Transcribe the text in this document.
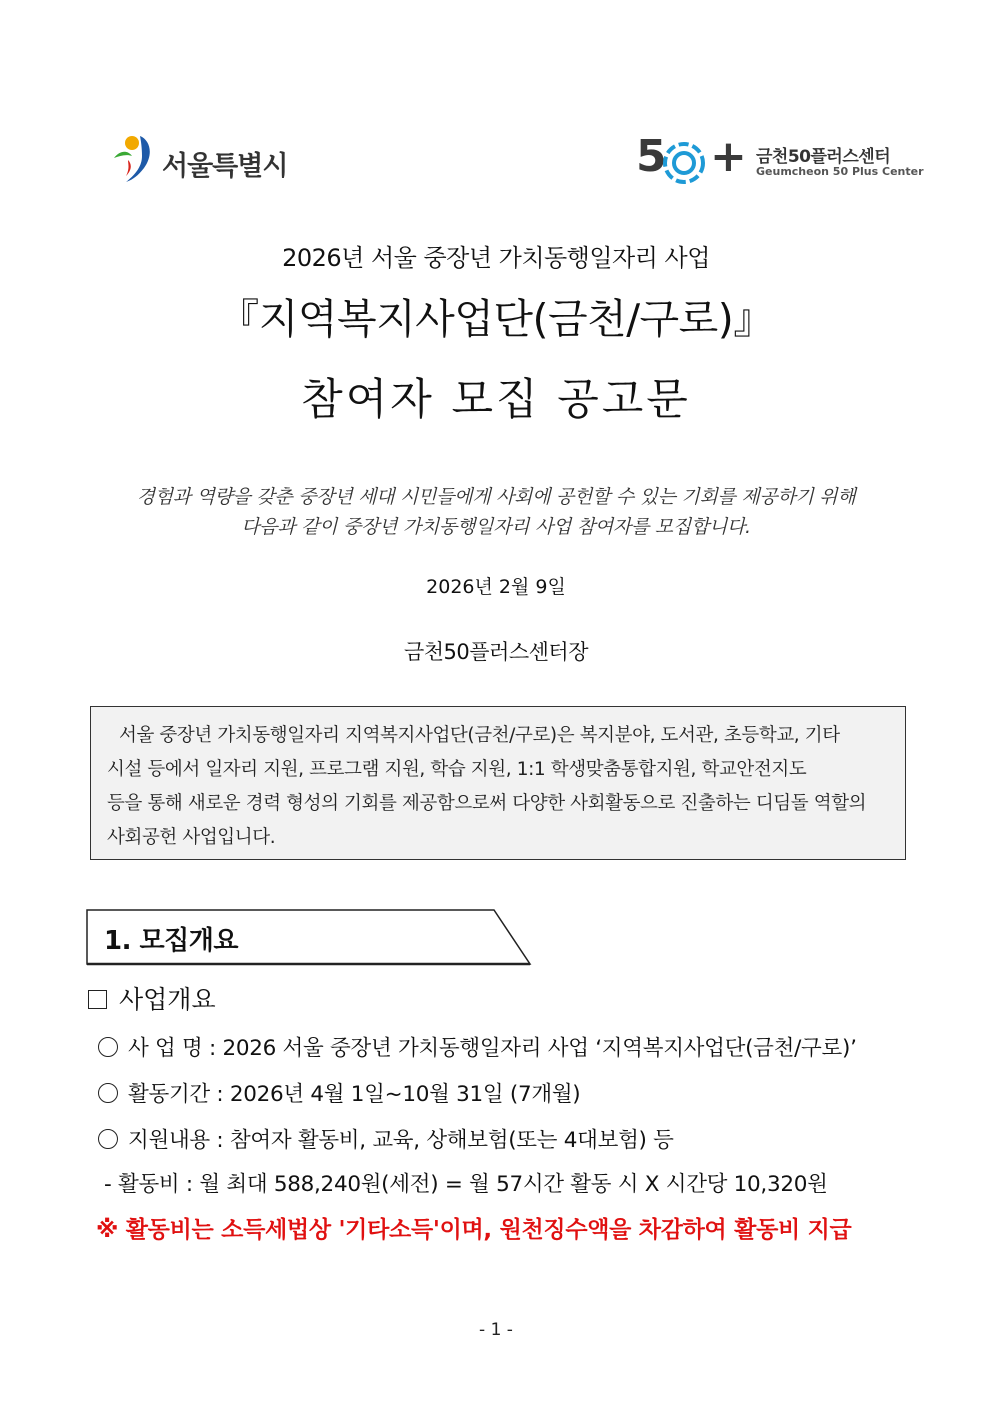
서울특별시	5 + 금천50플러스센터
Geumcheon 50 Plus Center
2026년 서울 중장년 가치동행일자리 사업
『지역복지사업단(금천/구로)』
참여자 모집 공고문
경험과 역량을 갖춘 중장년 세대 시민들에게 사회에 공헌할 수 있는 기회를 제공하기 위해
다음과 같이 중장년 가치동행일자리 사업 참여자를 모집합니다.
2026년 2월 9일
금천50플러스센터장
서울 중장년 가치동행일자리 지역복지사업단(금천/구로)은 복지분야, 도서관, 초등학교, 기타
시설 등에서 일자리 지원, 프로그램 지원, 학습 지원, 1:1 학생맞춤통합지원, 학교안전지도
등을 통해 새로운 경력 형성의 기회를 제공함으로써 다양한 사회활동으로 진출하는 디딤돌 역할의
사회공헌 사업입니다.
1. 모집개요
사업개요
사 업 명 : 2026 서울 중장년 가치동행일자리 사업 ‘지역복지사업단(금천/구로)’
활동기간 : 2026년 4월 1일~10월 31일 (7개월)
지원내용 : 참여자 활동비, 교육, 상해보험(또는 4대보험) 등
- 활동비 : 월 최대 588,240원(세전) = 월 57시간 활동 시 X 시간당 10,320원
※ 활동비는 소득세법상 '기타소득'이며, 원천징수액을 차감하여 활동비 지급
- 1 -
